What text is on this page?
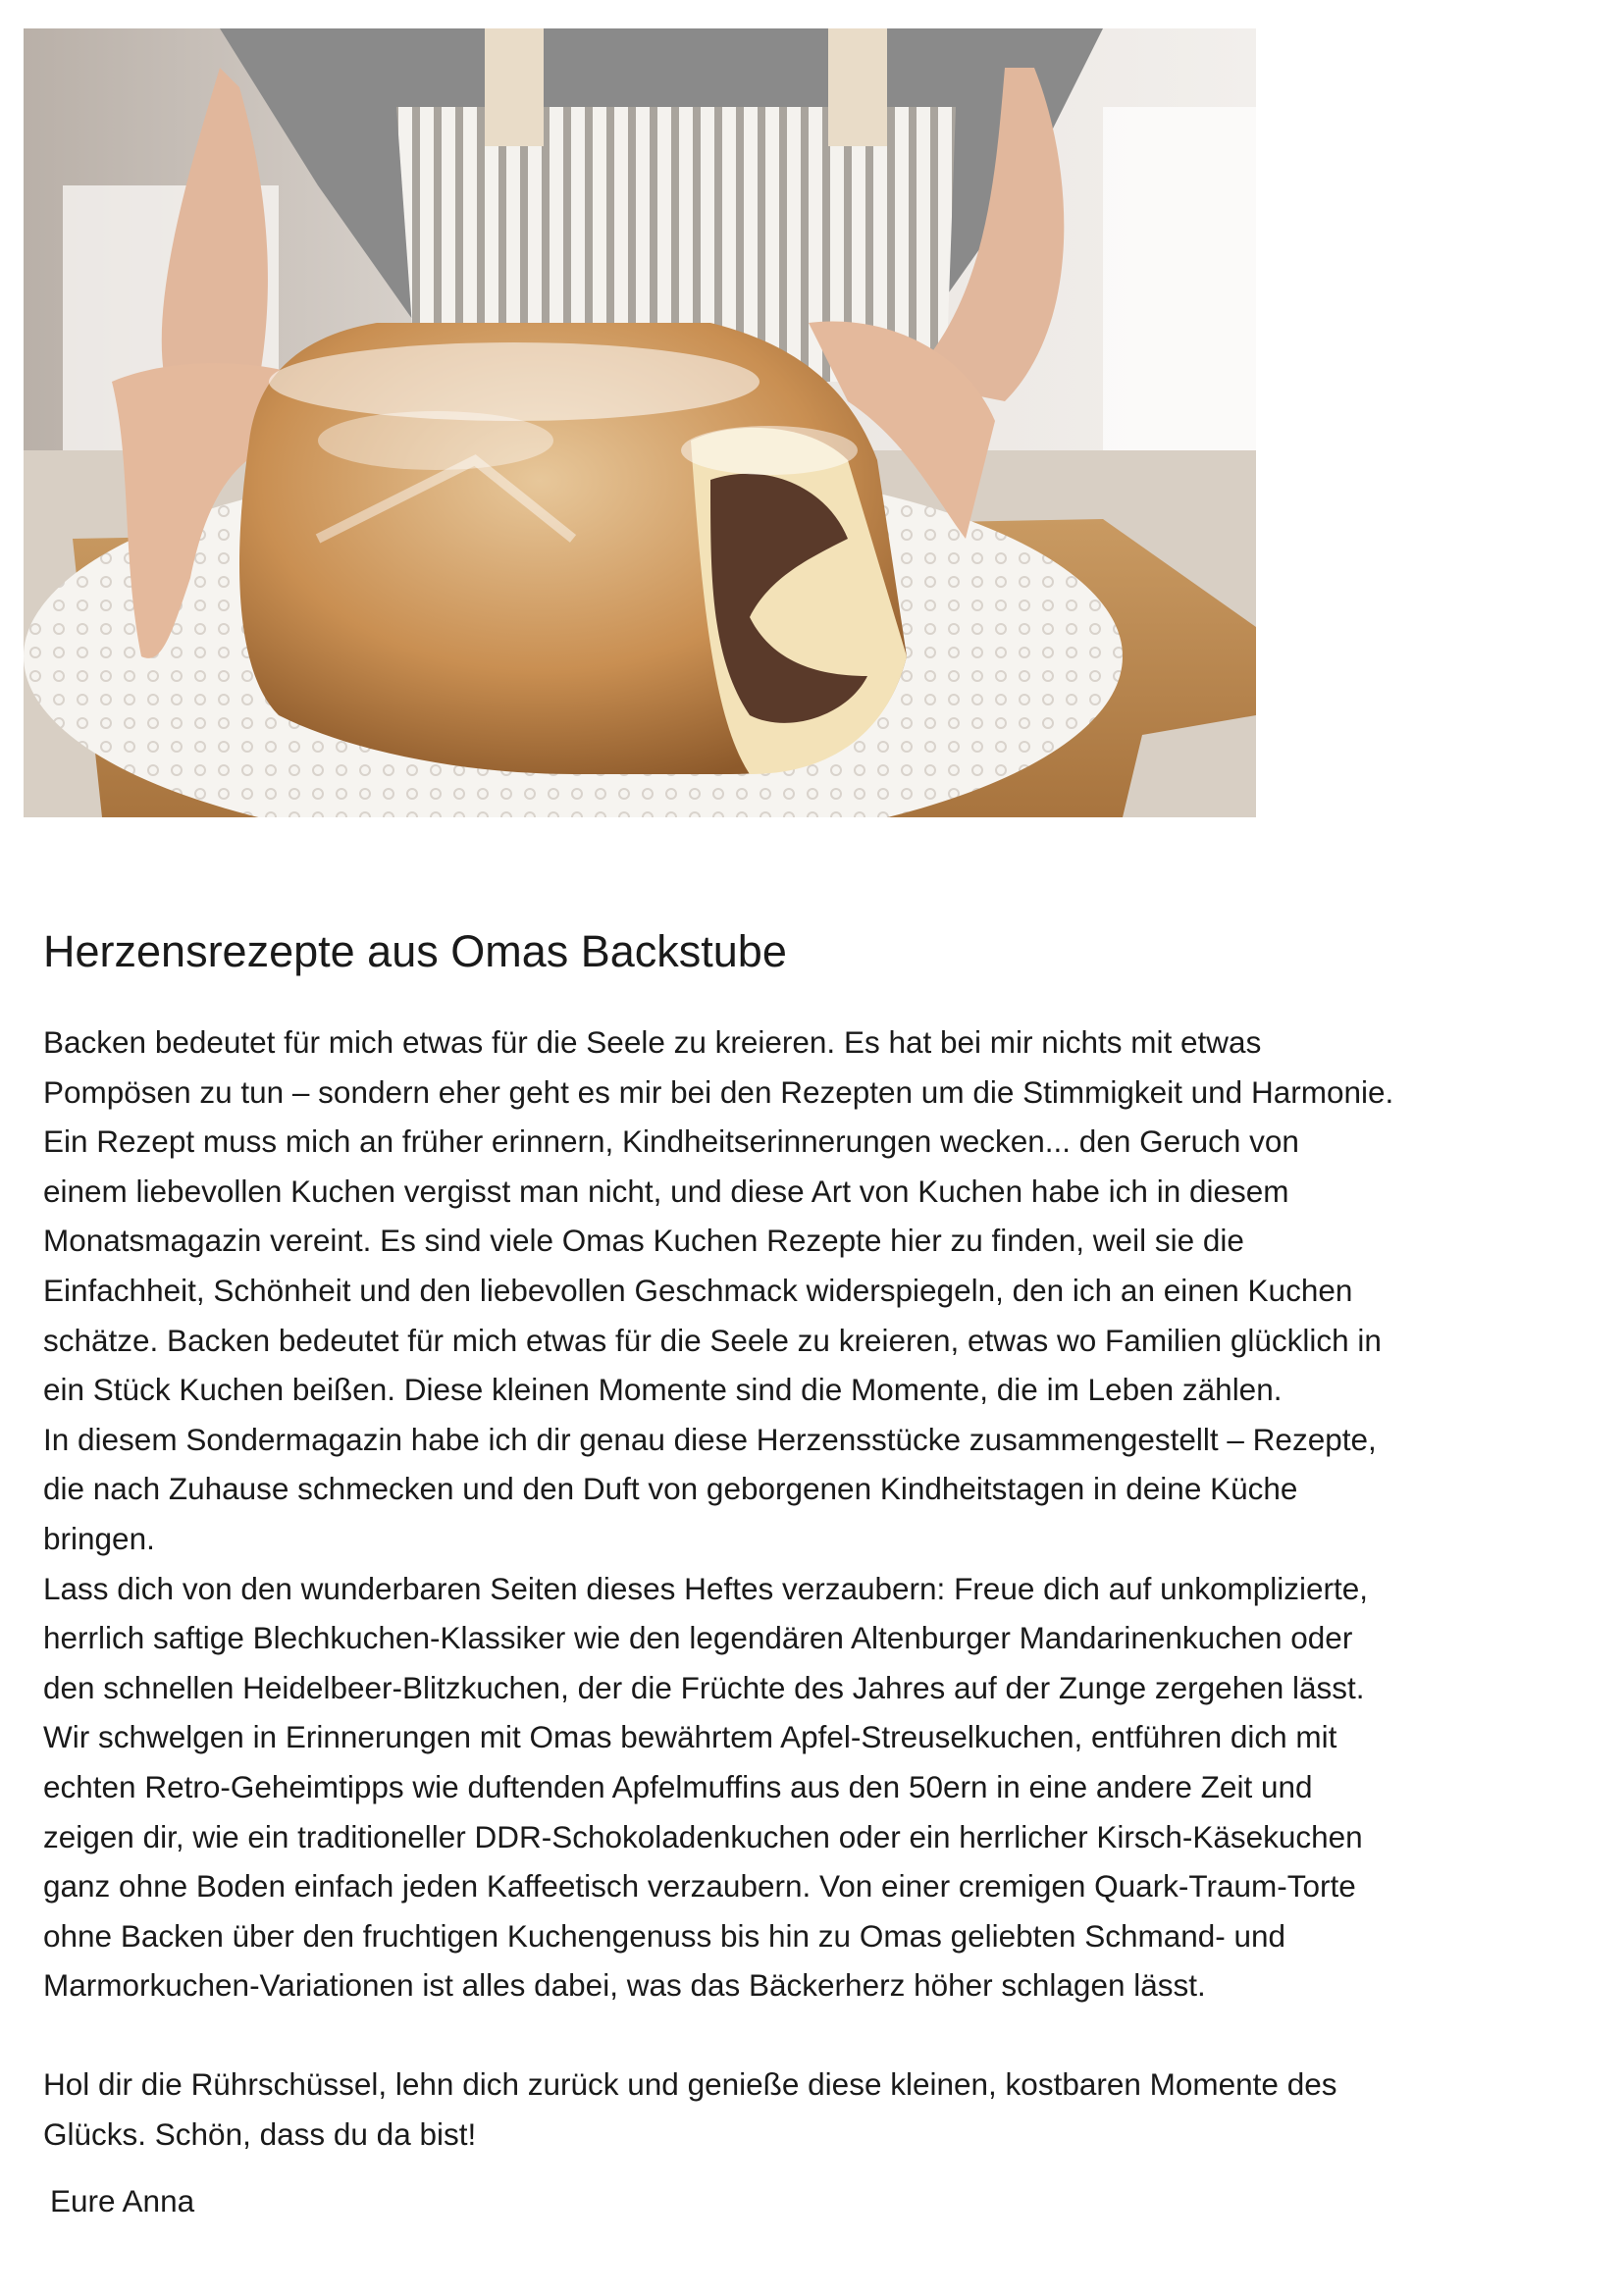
Herzensrezepte aus Omas Backstube
Backen bedeutet für mich etwas für die Seele zu kreieren. Es hat bei mir nichts mit etwas
Pompösen zu tun – sondern eher geht es mir bei den Rezepten um die Stimmigkeit und Harmonie.
Ein Rezept muss mich an früher erinnern, Kindheitserinnerungen wecken... den Geruch von
einem liebevollen Kuchen vergisst man nicht, und diese Art von Kuchen habe ich in diesem
Monatsmagazin vereint. Es sind viele Omas Kuchen Rezepte hier zu finden, weil sie die
Einfachheit, Schönheit und den liebevollen Geschmack widerspiegeln, den ich an einen Kuchen
schätze. Backen bedeutet für mich etwas für die Seele zu kreieren, etwas wo Familien glücklich in
ein Stück Kuchen beißen. Diese kleinen Momente sind die Momente, die im Leben zählen.
In diesem Sondermagazin habe ich dir genau diese Herzensstücke zusammengestellt – Rezepte,
die nach Zuhause schmecken und den Duft von geborgenen Kindheitstagen in deine Küche
bringen.
Lass dich von den wunderbaren Seiten dieses Heftes verzaubern: Freue dich auf unkomplizierte,
herrlich saftige Blechkuchen-Klassiker wie den legendären Altenburger Mandarinenkuchen oder
den schnellen Heidelbeer-Blitzkuchen, der die Früchte des Jahres auf der Zunge zergehen lässt.
Wir schwelgen in Erinnerungen mit Omas bewährtem Apfel-Streuselkuchen, entführen dich mit
echten Retro-Geheimtipps wie duftenden Apfelmuffins aus den 50ern in eine andere Zeit und
zeigen dir, wie ein traditioneller DDR-Schokoladenkuchen oder ein herrlicher Kirsch-Käsekuchen
ganz ohne Boden einfach jeden Kaffeetisch verzaubern. Von einer cremigen Quark-Traum-Torte
ohne Backen über den fruchtigen Kuchengenuss bis hin zu Omas geliebten Schmand- und
Marmorkuchen-Variationen ist alles dabei, was das Bäckerherz höher schlagen lässt.
Hol dir die Rührschüssel, lehn dich zurück und genieße diese kleinen, kostbaren Momente des
Glücks. Schön, dass du da bist!

Eure Anna
